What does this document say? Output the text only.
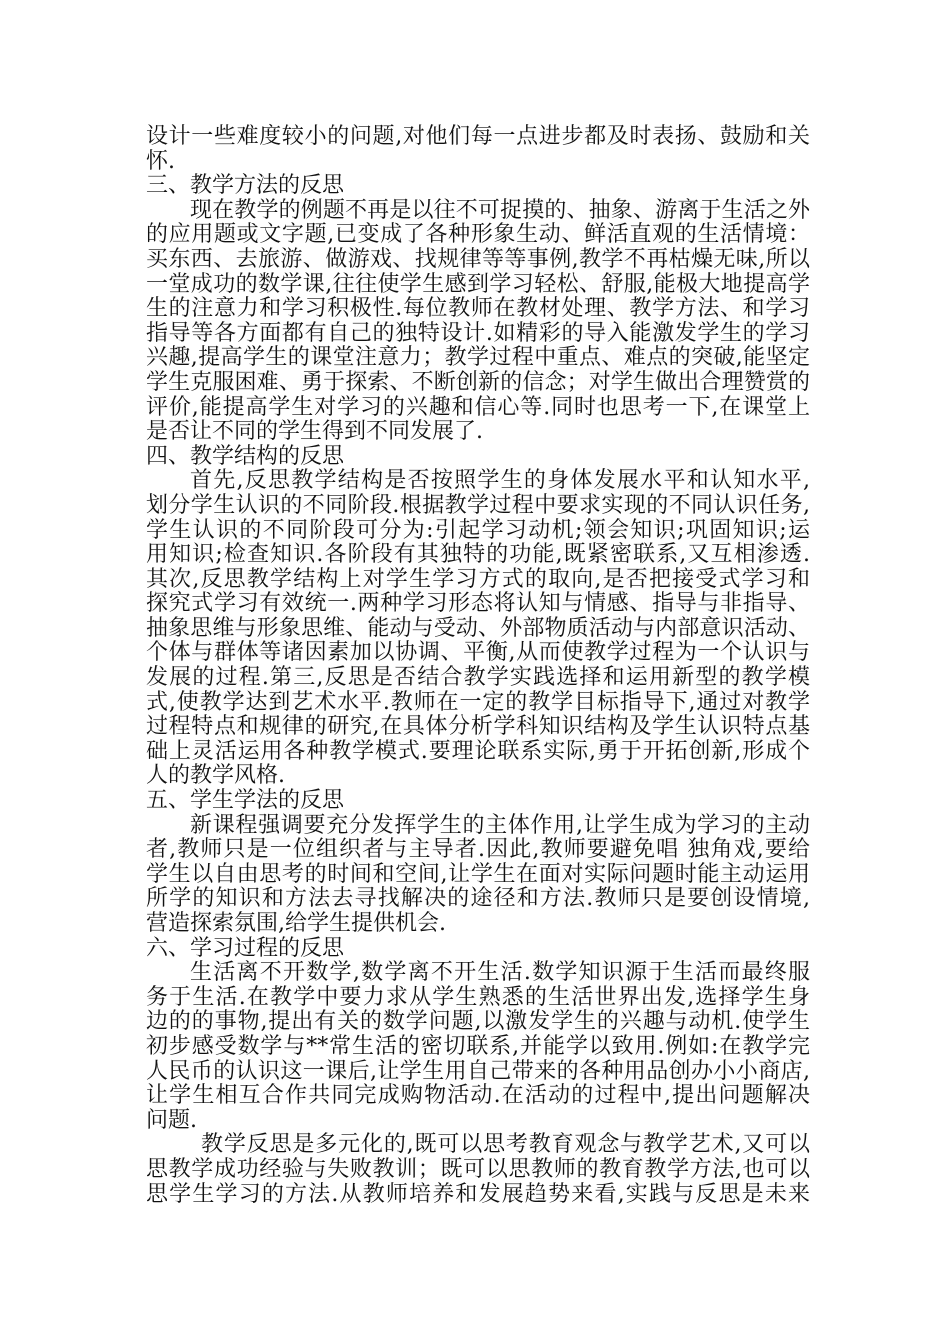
设计一些难度较小的问题,对他们每一点进步都及时表扬、鼓励和关
怀.
三、教学方法的反思
现在教学的例题不再是以往不可捉摸的、抽象、游离于生活之外
的应用题或文字题,已变成了各种形象生动、鲜活直观的生活情境：
买东西、去旅游、做游戏、找规律等等事例,教学不再枯燥无味,所以
一堂成功的数学课,往往使学生感到学习轻松、舒服,能极大地提高学
生的注意力和学习积极性.每位教师在教材处理、教学方法、和学习
指导等各方面都有自己的独特设计.如精彩的导入能激发学生的学习
兴趣,提高学生的课堂注意力；教学过程中重点、难点的突破,能坚定
学生克服困难、勇于探索、不断创新的信念；对学生做出合理赞赏的
评价,能提高学生对学习的兴趣和信心等.同时也思考一下,在课堂上
是否让不同的学生得到不同发展了.
四、教学结构的反思
首先,反思教学结构是否按照学生的身体发展水平和认知水平,
划分学生认识的不同阶段.根据教学过程中要求实现的不同认识任务,
学生认识的不同阶段可分为:引起学习动机;领会知识;巩固知识;运
用知识;检查知识.各阶段有其独特的功能,既紧密联系,又互相渗透.
其次,反思教学结构上对学生学习方式的取向,是否把接受式学习和
探究式学习有效统一.两种学习形态将认知与情感、指导与非指导、
抽象思维与形象思维、能动与受动、外部物质活动与内部意识活动、
个体与群体等诸因素加以协调、平衡,从而使教学过程为一个认识与
发展的过程.第三,反思是否结合教学实践选择和运用新型的教学模
式,使教学达到艺术水平.教师在一定的教学目标指导下,通过对教学
过程特点和规律的研究,在具体分析学科知识结构及学生认识特点基
础上灵活运用各种教学模式.要理论联系实际,勇于开拓创新,形成个
人的教学风格.
五、学生学法的反思
新课程强调要充分发挥学生的主体作用,让学生成为学习的主动
者,教师只是一位组织者与主导者.因此,教师要避免唱 独角戏,要给
学生以自由思考的时间和空间,让学生在面对实际问题时能主动运用
所学的知识和方法去寻找解决的途径和方法.教师只是要创设情境,
营造探索氛围,给学生提供机会.
六、学习过程的反思
生活离不开数学,数学离不开生活.数学知识源于生活而最终服
务于生活.在教学中要力求从学生熟悉的生活世界出发,选择学生身
边的的事物,提出有关的数学问题,以激发学生的兴趣与动机.使学生
初步感受数学与**常生活的密切联系,并能学以致用.例如:在教学完
人民币的认识这一课后,让学生用自己带来的各种用品创办小小商店,
让学生相互合作共同完成购物活动.在活动的过程中,提出问题解决
问题.
教学反思是多元化的,既可以思考教育观念与教学艺术,又可以
思教学成功经验与失败教训；既可以思教师的教育教学方法,也可以
思学生学习的方法.从教师培养和发展趋势来看,实践与反思是未来
